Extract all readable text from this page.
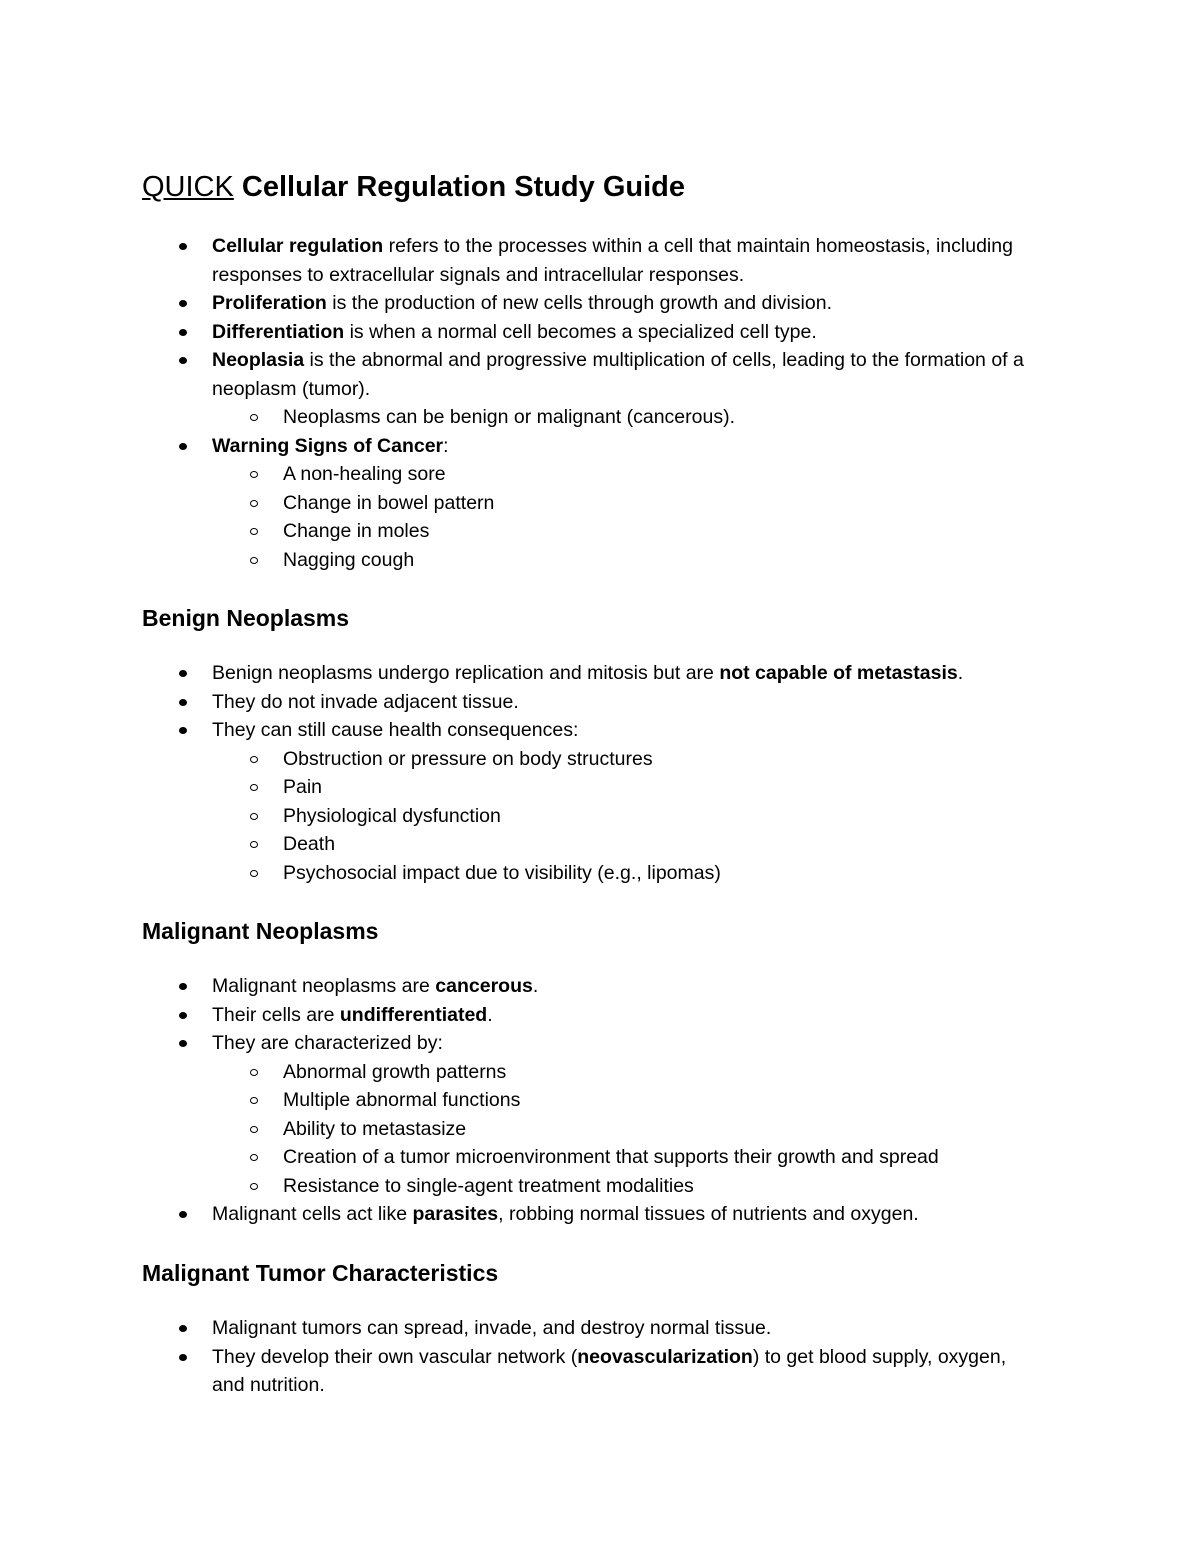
QUICK Cellular Regulation Study Guide
Cellular regulation refers to the processes within a cell that maintain homeostasis, including responses to extracellular signals and intracellular responses.
Proliferation is the production of new cells through growth and division.
Differentiation is when a normal cell becomes a specialized cell type.
Neoplasia is the abnormal and progressive multiplication of cells, leading to the formation of a neoplasm (tumor).
Neoplasms can be benign or malignant (cancerous).
Warning Signs of Cancer:
A non-healing sore
Change in bowel pattern
Change in moles
Nagging cough
Benign Neoplasms
Benign neoplasms undergo replication and mitosis but are not capable of metastasis.
They do not invade adjacent tissue.
They can still cause health consequences:
Obstruction or pressure on body structures
Pain
Physiological dysfunction
Death
Psychosocial impact due to visibility (e.g., lipomas)
Malignant Neoplasms
Malignant neoplasms are cancerous.
Their cells are undifferentiated.
They are characterized by:
Abnormal growth patterns
Multiple abnormal functions
Ability to metastasize
Creation of a tumor microenvironment that supports their growth and spread
Resistance to single-agent treatment modalities
Malignant cells act like parasites, robbing normal tissues of nutrients and oxygen.
Malignant Tumor Characteristics
Malignant tumors can spread, invade, and destroy normal tissue.
They develop their own vascular network (neovascularization) to get blood supply, oxygen, and nutrition.
